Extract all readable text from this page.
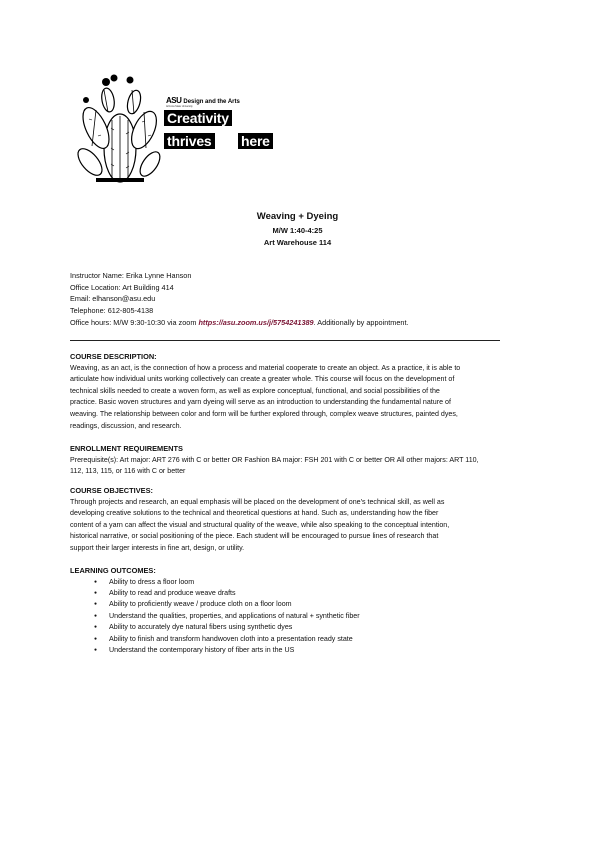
ASU Design and the Arts
Arizona State University
Creativity
thrives here
Weaving + Dyeing
M/W 1:40-4:25
Art Warehouse 114
Instructor Name: Erika Lynne Hanson
Office Location: Art Building 414
Email: elhanson@asu.edu
Telephone: 612-805-4138
Office hours: M/W 9:30-10:30 via zoom https://asu.zoom.us/j/5754241389. Additionally by appointment.
COURSE DESCRIPTION:

Weaving, as an act, is the connection of how a process and material cooperate to create an object. As a practice, it is able to

articulate how individual units working collectively can create a greater whole. This course will focus on the development of

technical skills needed to create a woven form, as well as explore conceptual, functional, and social possibilities of the

practice. Basic woven structures and yarn dyeing will serve as an introduction to understanding the fundamental nature of

weaving. The relationship between color and form will be further explored through, complex weave structures, painted dyes,

readings, discussion, and research.

ENROLLMENT REQUIREMENTS

Prerequisite(s): Art major: ART 276 with C or better OR Fashion BA major: FSH 201 with C or better OR All other majors: ART 110,

112, 113, 115, or 116 with C or better

COURSE OBJECTIVES:

Through projects and research, an equal emphasis will be placed on the development of one's technical skill, as well as

developing creative solutions to the technical and theoretical questions at hand. Such as, understanding how the fiber

content of a yarn can affect the visual and structural quality of the weave, while also speaking to the conceptual intention,

historical narrative, or social positioning of the piece. Each student will be encouraged to pursue lines of research that

support their larger interests in fine art, design, or utility.

LEARNING OUTCOMES:
● Ability to dress a floor loom
● Ability to read and produce weave drafts
● Ability to proficiently weave / produce cloth on a floor loom
● Understand the qualities, properties, and applications of natural + synthetic fiber
● Ability to accurately dye natural fibers using synthetic dyes
● Ability to finish and transform handwoven cloth into a presentation ready state
● Understand the contemporary history of fiber arts in the US
